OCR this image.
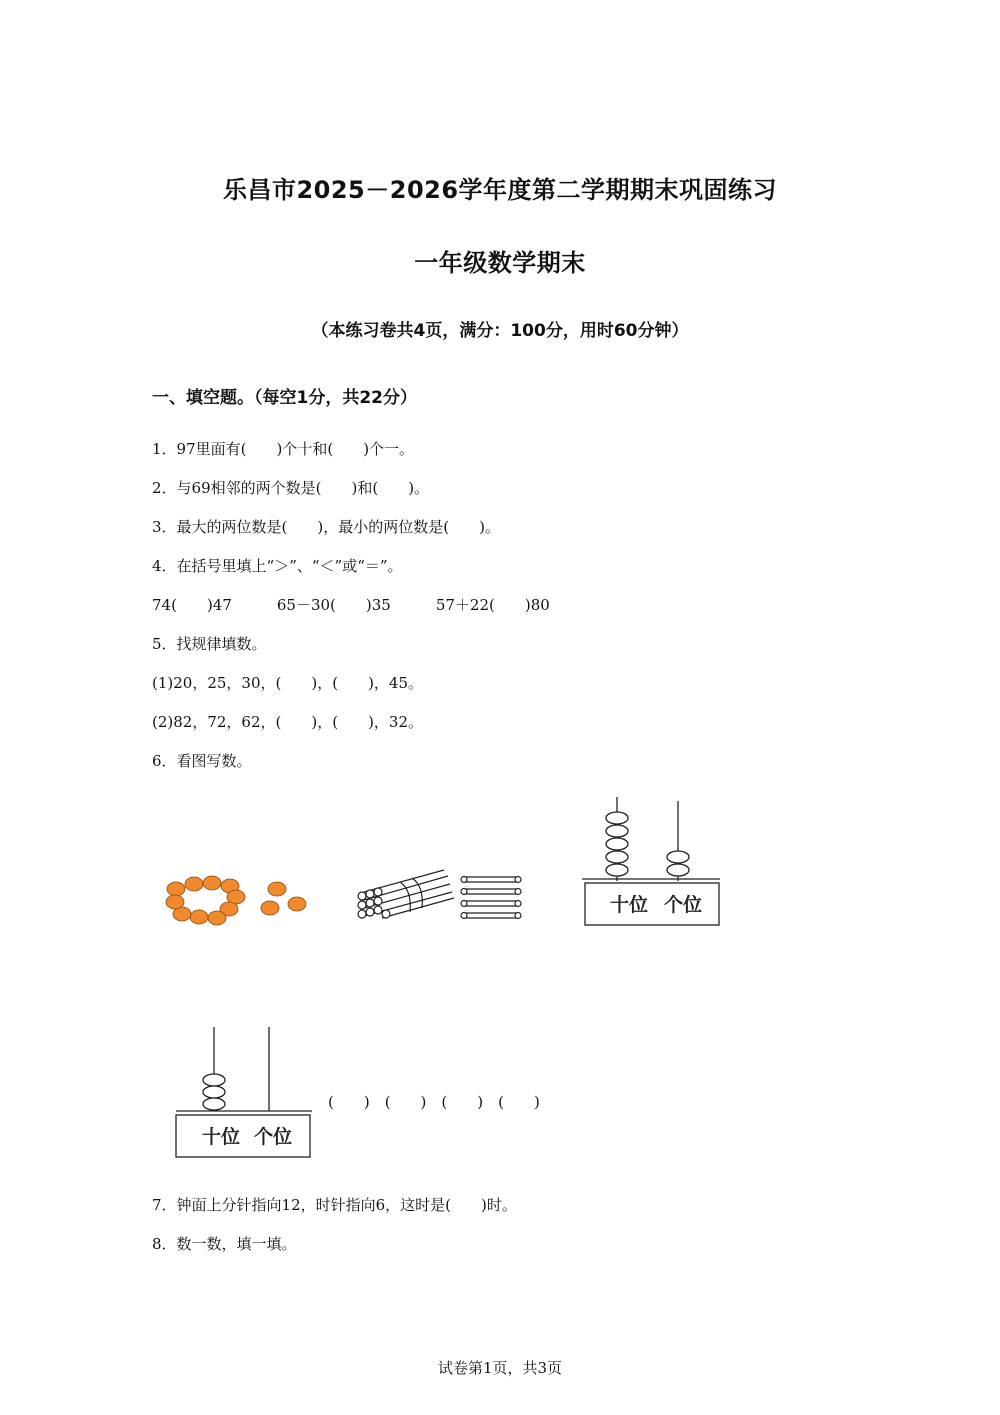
乐昌市2025－2026学年度第二学期期末巩固练习
一年级数学期末
（本练习卷共4页，满分：100分，用时60分钟）
一、填空题。（每空1分，共22分）
1．97里面有(　　)个十和(　　)个一。
2．与69相邻的两个数是(　　)和(　　)。
3．最大的两位数是(　　)，最小的两位数是(　　)。
4．在括号里填上“＞”、“＜”或“＝”。
74(　　)47　　　65－30(　　)35　　　57＋22(　　)80
5．找规律填数。
(1)20，25，30，(　　)，(　　)，45。
(2)82，72，62，(　　)，(　　)，32。
6．看图写数。
十位 个位
十位 个位
(　　)　(　　)　(　　)　(　　)
7．钟面上分针指向12，时针指向6，这时是(　　)时。
8．数一数，填一填。
试卷第1页，共3页
